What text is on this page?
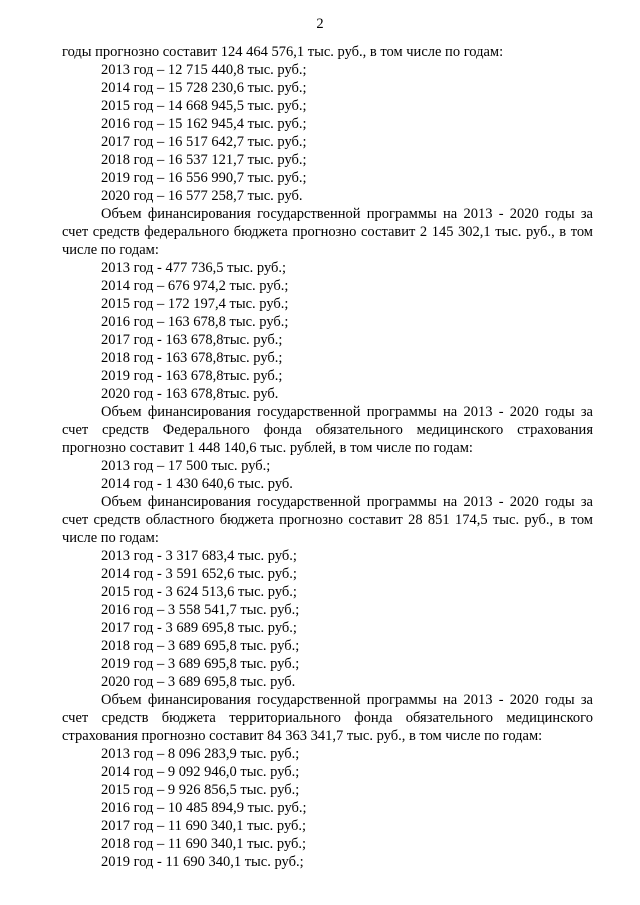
2

годы прогнозно составит 124 464 576,1 тыс. руб., в том числе по годам:

2013 год – 12 715 440,8 тыс. руб.;
2014 год – 15 728 230,6 тыс. руб.;
2015 год – 14 668 945,5 тыс. руб.;
2016 год – 15 162 945,4 тыс. руб.;
2017 год – 16 517 642,7 тыс. руб.;
2018 год – 16 537 121,7 тыс. руб.;
2019 год – 16 556 990,7 тыс. руб.;
2020 год – 16 577 258,7 тыс. руб.

Объем финансирования государственной программы на 2013 - 2020 годы за счет средств федерального бюджета прогнозно составит 2 145 302,1 тыс. руб., в том числе по годам:

2013 год - 477 736,5 тыс. руб.;
2014 год – 676 974,2 тыс. руб.;
2015 год – 172 197,4 тыс. руб.;
2016 год – 163 678,8 тыс. руб.;
2017 год - 163 678,8тыс. руб.;
2018 год - 163 678,8тыс. руб.;
2019 год - 163 678,8тыс. руб.;
2020 год - 163 678,8тыс. руб.

Объем финансирования государственной программы на 2013 - 2020 годы за счет средств Федерального фонда обязательного медицинского страхования прогнозно составит 1 448 140,6 тыс. рублей, в том числе по годам:

2013 год – 17 500 тыс. руб.;
2014 год - 1 430 640,6 тыс. руб.

Объем финансирования государственной программы на 2013 - 2020 годы за счет средств областного бюджета прогнозно составит 28 851 174,5 тыс. руб., в том числе по годам:

2013 год - 3 317 683,4 тыс. руб.;
2014 год - 3 591 652,6 тыс. руб.;
2015 год - 3 624 513,6 тыс. руб.;
2016 год – 3 558 541,7 тыс. руб.;
2017 год - 3 689 695,8 тыс. руб.;
2018 год – 3 689 695,8 тыс. руб.;
2019 год – 3 689 695,8 тыс. руб.;
2020 год – 3 689 695,8 тыс. руб.

Объем финансирования государственной программы на 2013 - 2020 годы за счет средств бюджета территориального фонда обязательного медицинского страхования прогнозно составит 84 363 341,7 тыс. руб., в том числе по годам:

2013 год – 8 096 283,9 тыс. руб.;
2014 год – 9 092 946,0 тыс. руб.;
2015 год – 9 926 856,5 тыс. руб.;
2016 год – 10 485 894,9 тыс. руб.;
2017 год – 11 690 340,1 тыс. руб.;
2018 год – 11 690 340,1 тыс. руб.;
2019 год - 11 690 340,1 тыс. руб.;
